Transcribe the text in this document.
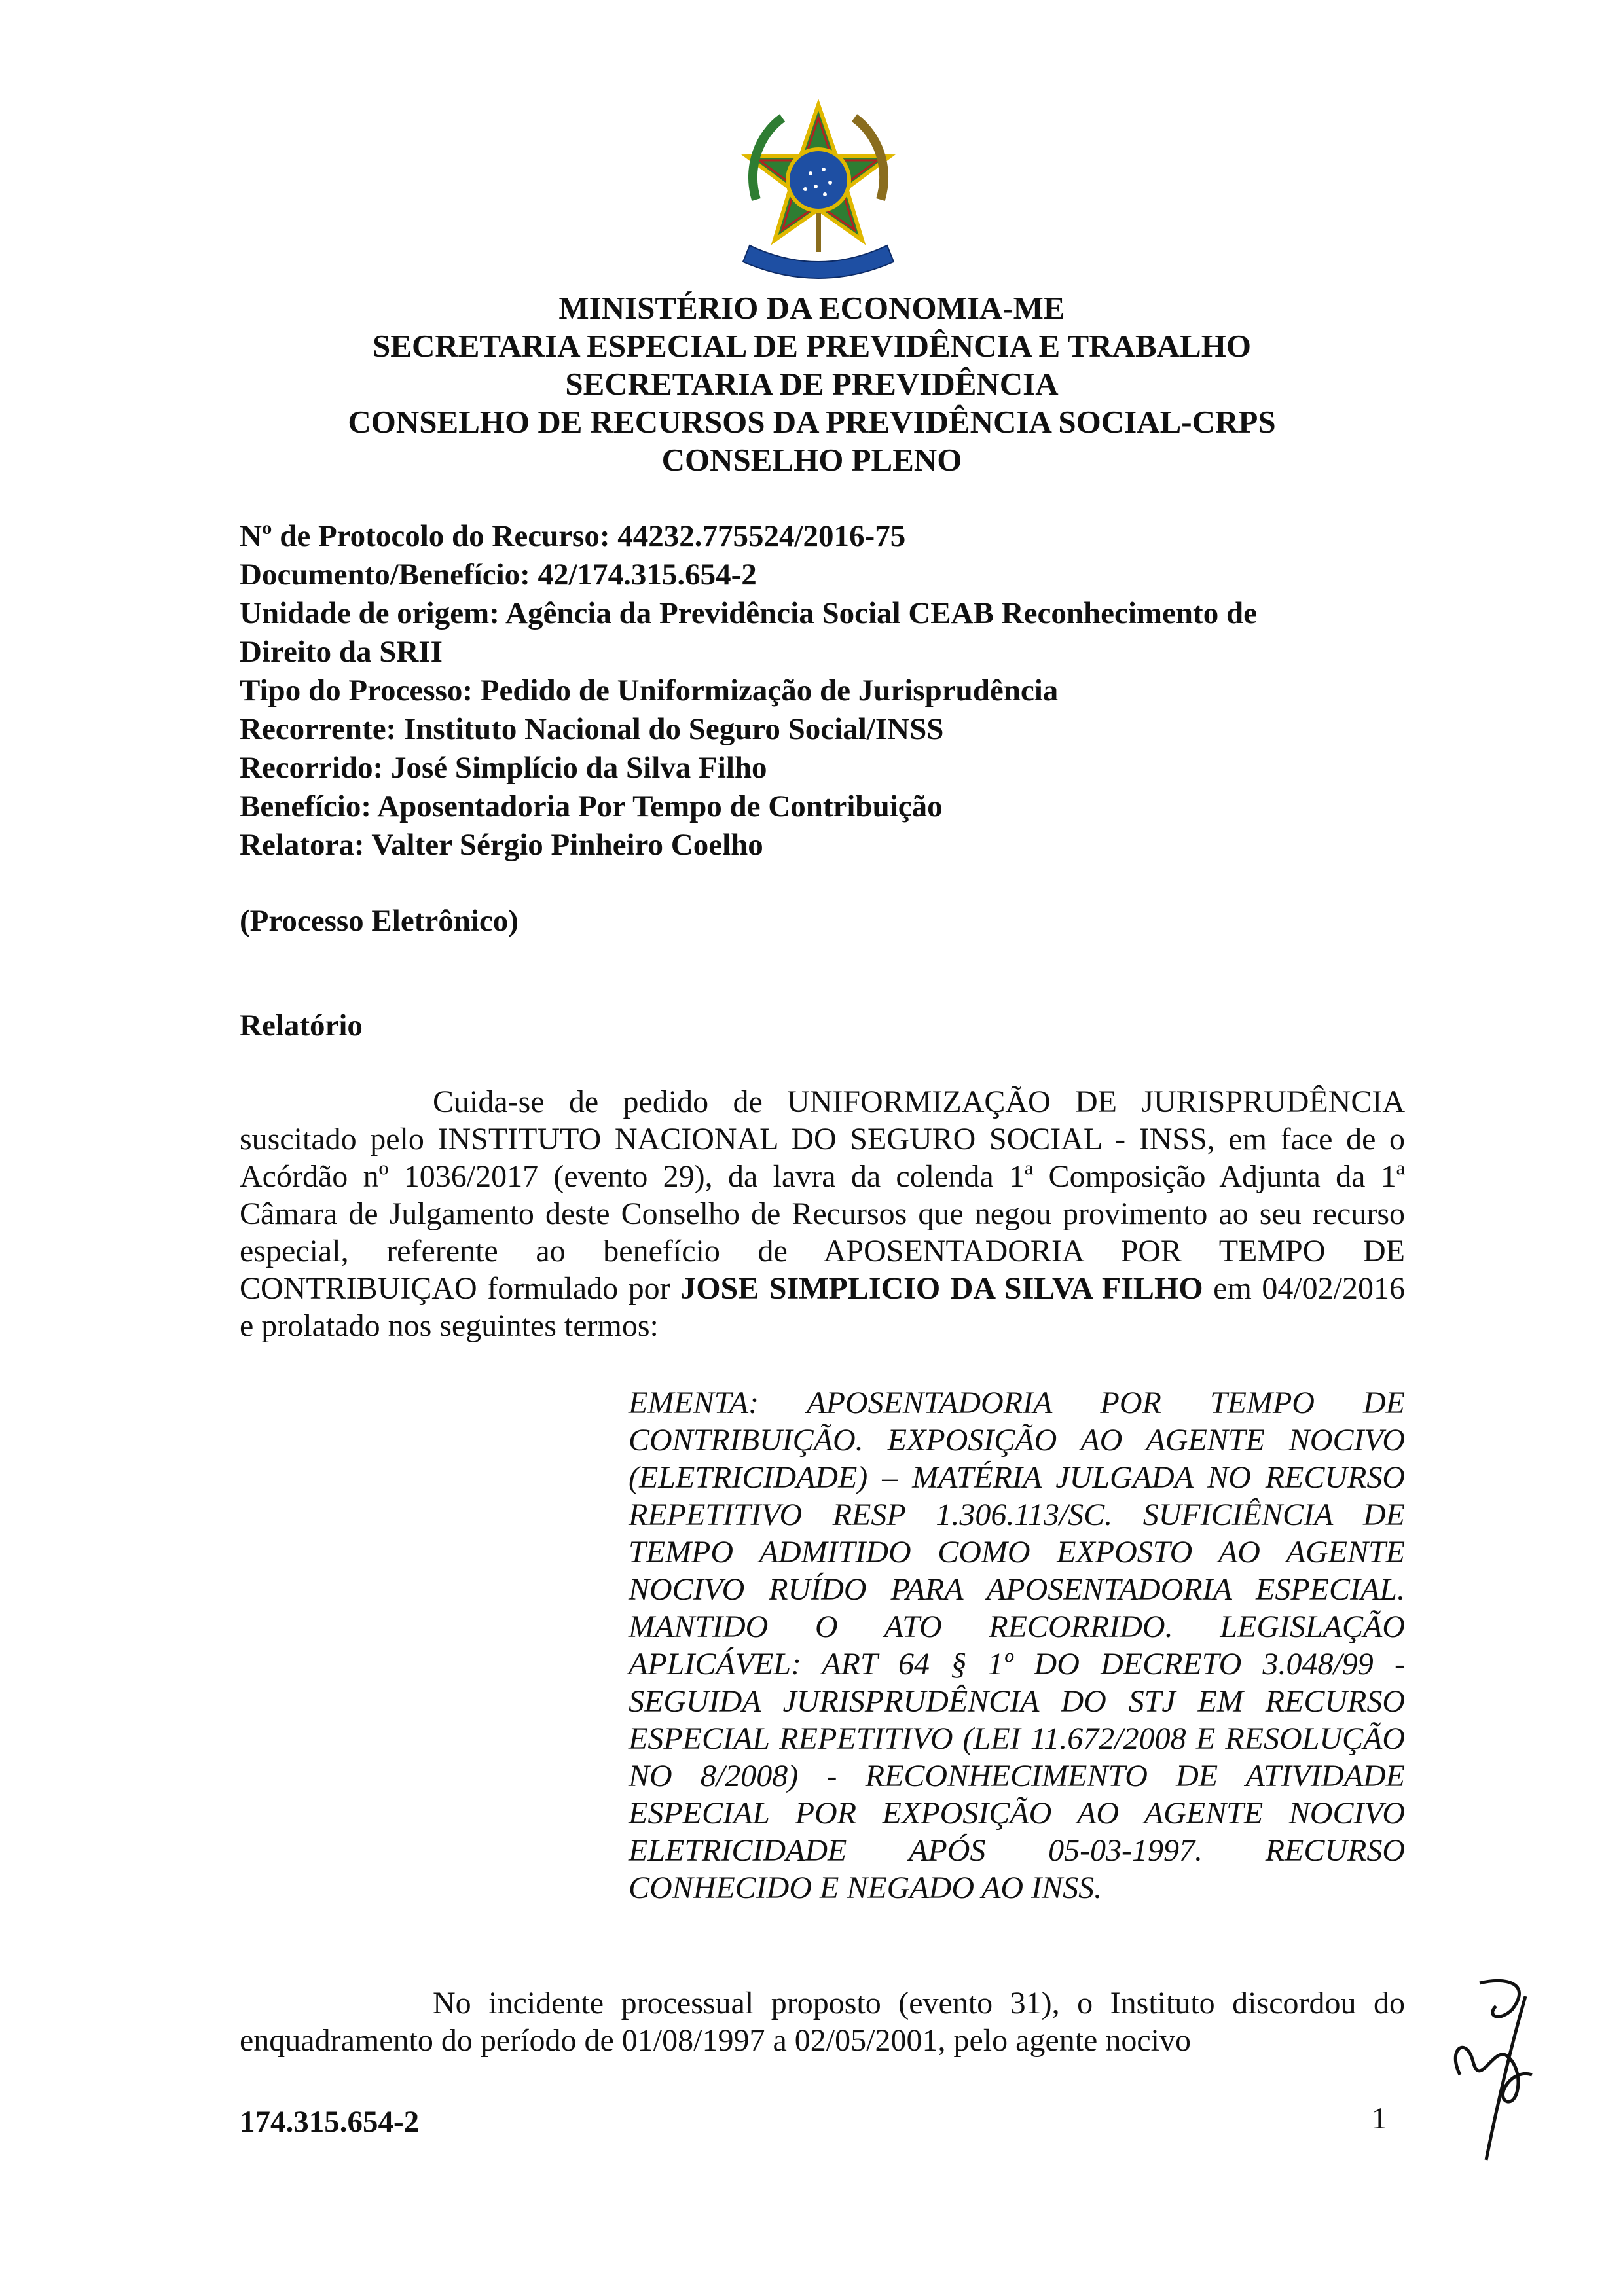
MINISTÉRIO DA ECONOMIA-ME
SECRETARIA ESPECIAL DE PREVIDÊNCIA E TRABALHO
SECRETARIA DE PREVIDÊNCIA
CONSELHO DE RECURSOS DA PREVIDÊNCIA SOCIAL-CRPS
CONSELHO PLENO
Nº de Protocolo do Recurso: 44232.775524/2016-75
Documento/Benefício: 42/174.315.654-2
Unidade de origem: Agência da Previdência Social CEAB Reconhecimento de
Direito da SRII
Tipo do Processo: Pedido de Uniformização de Jurisprudência
Recorrente: Instituto Nacional do Seguro Social/INSS
Recorrido: José Simplício da Silva Filho
Benefício: Aposentadoria Por Tempo de Contribuição
Relatora: Valter Sérgio Pinheiro Coelho
(Processo Eletrônico)
Relatório
Cuida-se de pedido de UNIFORMIZAÇÃO DE JURISPRUDÊNCIA suscitado pelo INSTITUTO NACIONAL DO SEGURO SOCIAL - INSS, em face de o Acórdão nº 1036/2017 (evento 29), da lavra da colenda 1ª Composição Adjunta da 1ª Câmara de Julgamento deste Conselho de Recursos que negou provimento ao seu recurso especial, referente ao benefício de APOSENTADORIA POR TEMPO DE CONTRIBUIÇAO formulado por JOSE SIMPLICIO DA SILVA FILHO em 04/02/2016 e prolatado nos seguintes termos:
EMENTA: APOSENTADORIA POR TEMPO DE CONTRIBUIÇÃO. EXPOSIÇÃO AO AGENTE NOCIVO (ELETRICIDADE) – MATÉRIA JULGADA NO RECURSO REPETITIVO RESP 1.306.113/SC. SUFICIÊNCIA DE TEMPO ADMITIDO COMO EXPOSTO AO AGENTE NOCIVO RUÍDO PARA APOSENTADORIA ESPECIAL. MANTIDO O ATO RECORRIDO. LEGISLAÇÃO APLICÁVEL: ART 64 § 1º DO DECRETO 3.048/99 - SEGUIDA JURISPRUDÊNCIA DO STJ EM RECURSO ESPECIAL REPETITIVO (LEI 11.672/2008 E RESOLUÇÃO NO 8/2008) - RECONHECIMENTO DE ATIVIDADE ESPECIAL POR EXPOSIÇÃO AO AGENTE NOCIVO ELETRICIDADE APÓS 05-03-1997. RECURSO CONHECIDO E NEGADO AO INSS.
No incidente processual proposto (evento 31), o Instituto discordou do enquadramento do período de 01/08/1997 a 02/05/2001, pelo agente nocivo
174.315.654-2	1
